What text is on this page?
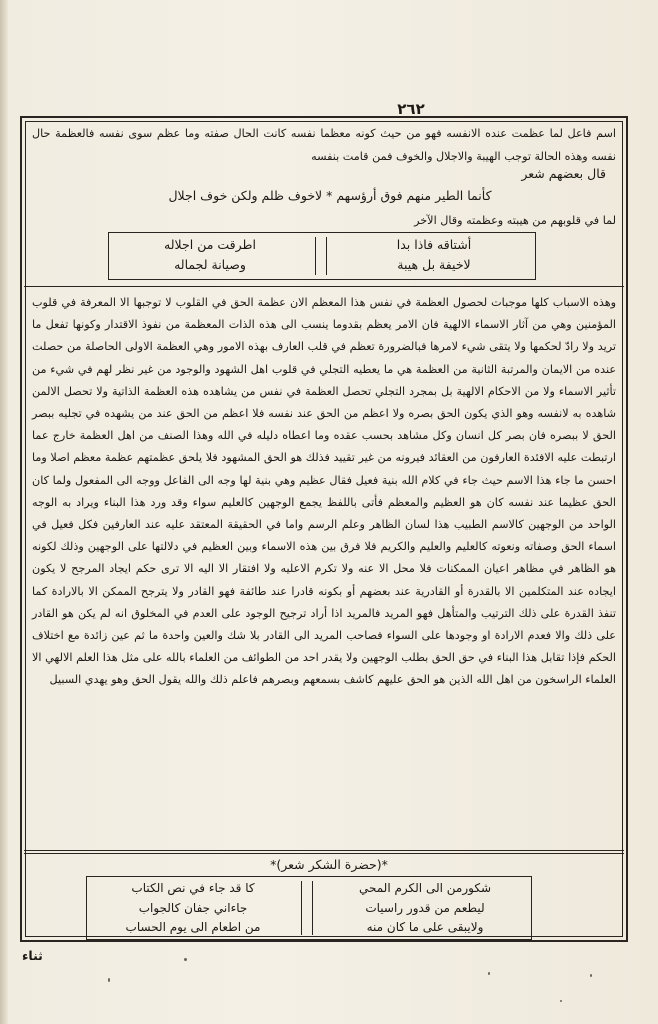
٢٦٢
اسم فاعل لما عظمت عنده الانفسه فهو من حيث كونه معظما نفسه كانت الحال صفته وما عظم سوى نفسه فالعظمة حال نفسه وهذه الحالة توجب الهيبة والاجلال والخوف فمن قامت بنفسه
قال بعضهم شعر
كأنما الطير منهم فوق أرؤسهم * لاخوف ظلم ولكن خوف اجلال
لما في قلوبهم من هيبته وعظمته وقال الآخر
أشتاقه فاذا بدا
لاخيفة بل هيبة
اطرقت من اجلاله
وصيانة لجماله
وهذه الاسباب كلها موجبات لحصول العظمة في نفس هذا المعظم الان عظمة الحق في القلوب لا توجبها الا المعرفة في قلوب المؤمنين وهي من آثار الاسماء الالهية فان الامر يعظم بقدوما ينسب الى هذه الذات المعظمة من نفوذ الاقتدار وكونها تفعل ما تريد ولا رادّ لحكمها ولا يتقى شيء لامرها فبالضرورة تعظم في قلب العارف بهذه الامور وهي العظمة الاولى الحاصلة من حصلت عنده من الايمان والمرتبة الثانية من العظمة هي ما يعطيه التجلي في قلوب اهل الشهود والوجود من غير نظر لهم في شيء من تأثير الاسماء ولا من الاحكام الالهية بل بمجرد التجلي تحصل العظمة في نفس من يشاهده هذه العظمة الذاتية ولا تحصل الالمن شاهده به لانفسه وهو الذي يكون الحق بصره ولا اعظم من الحق عند نفسه فلا اعظم من الحق عند من يشهده في تجليه ببصر الحق لا ببصره فان بصر كل انسان وكل مشاهد بحسب عقده وما اعطاه دليله في الله وهذا الصنف من اهل العظمة خارج عما ارتبطت عليه الافئدة العارفون من العقائد فيرونه من غير تقييد فذلك هو الحق المشهود فلا يلحق عظمتهم عظمة معظم اصلا وما احسن ما جاء هذا الاسم حيث جاء في كلام الله بنية فعيل فقال عظيم وهي بنية لها وجه الى الفاعل ووجه الى المفعول ولما كان الحق عظيما عند نفسه كان هو العظيم والمعظم فأتى باللفظ يجمع الوجهين كالعليم سواء وقد ورد هذا البناء ويراد به الوجه الواحد من الوجهين كالاسم الطبيب هذا لسان الظاهر وعلم الرسم واما في الحقيقة المعتقد عليه عند العارفين فكل فعيل في اسماء الحق وصفاته ونعوته كالعليم والعليم والكريم فلا فرق بين هذه الاسماء وبين العظيم في دلالتها على الوجهين وذلك لكونه هو الظاهر في مظاهر اعيان الممكنات فلا محل الا عنه ولا تكرم الاعليه ولا افتقار الا اليه الا ترى حكم ايجاد المرجح لا يكون ايجاده عند المتكلمين الا بالقدرة أو القادرية عند بعضهم أو بكونه قادرا عند طائفة فهو القادر ولا يترجح الممكن الا بالارادة كما تنفذ القدرة على ذلك الترتيب والمتأهل فهو المريد فالمريد اذا أراد ترجيح الوجود على العدم في المخلوق انه لم يكن هو القادر على ذلك والا فعدم الارادة او وجودها على السواء فصاحب المريد الى القادر بلا شك والعين واحدة ما ثم عين زائدة مع اختلاف الحكم فإذا تقابل هذا البناء في حق الحق بطلب الوجهين ولا يقدر احد من الطوائف من العلماء بالله على مثل هذا العلم الالهي الا العلماء الراسخون من اهل الله الذين هو الحق عليهم كاشف بسمعهم وبصرهم فاعلم ذلك والله يقول الحق وهو يهدي السبيل
*(حضرة الشكر شعر)*
شكورمن الى الكرم المحي
ليطعم من قدور راسيات
ولايبقى على ما كان منه
كا قد جاء في نص الكتاب
جاءاني جفان كالجواب
من اطعام الى يوم الحساب
ثناء
